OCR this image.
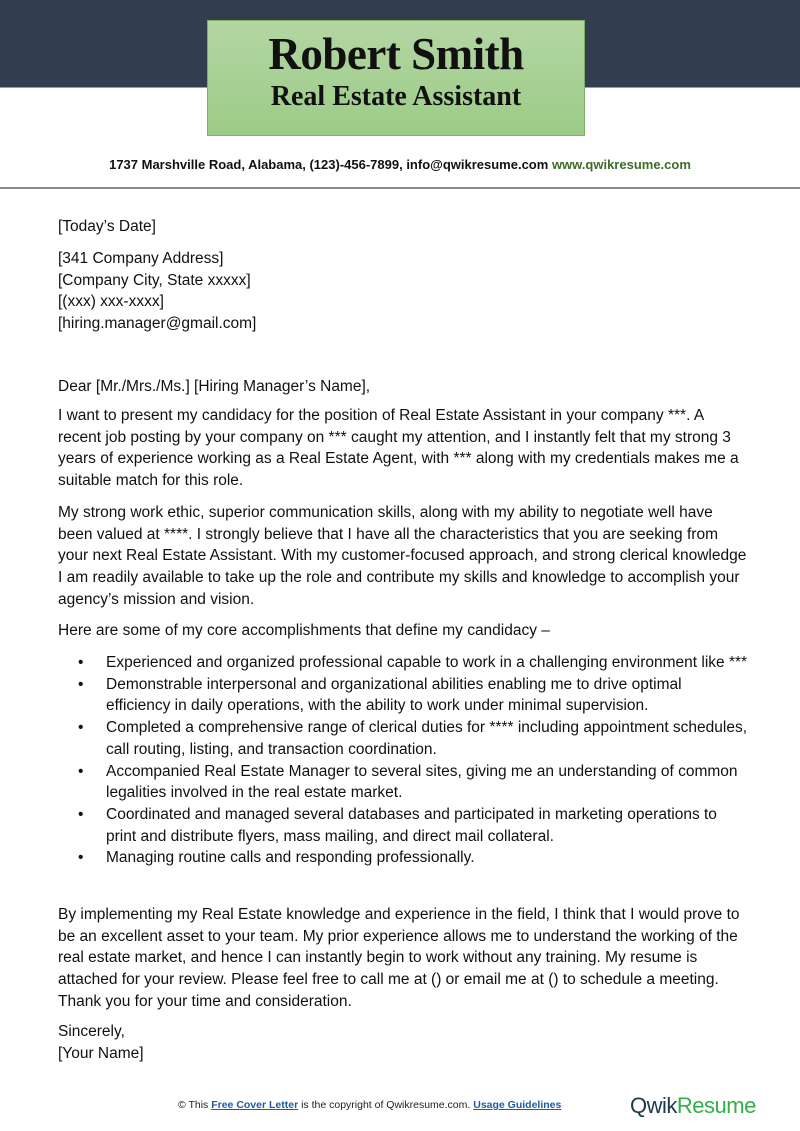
Robert Smith
Real Estate Assistant
1737 Marshville Road, Alabama, (123)-456-7899, info@qwikresume.com www.qwikresume.com
[Today’s Date]
[341 Company Address]
[Company City, State xxxxx]
[(xxx) xxx-xxxx]
[hiring.manager@gmail.com]
Dear [Mr./Mrs./Ms.] [Hiring Manager’s Name],
I want to present my candidacy for the position of Real Estate Assistant in your company ***. A recent job posting by your company on *** caught my attention, and I instantly felt that my strong 3 years of experience working as a Real Estate Agent, with *** along with my credentials makes me a suitable match for this role.
My strong work ethic, superior communication skills, along with my ability to negotiate well have been valued at ****. I strongly believe that I have all the characteristics that you are seeking from your next Real Estate Assistant. With my customer-focused approach, and strong clerical knowledge I am readily available to take up the role and contribute my skills and knowledge to accomplish your agency’s mission and vision.
Here are some of my core accomplishments that define my candidacy –
• Experienced and organized professional capable to work in a challenging environment like ***
• Demonstrable interpersonal and organizational abilities enabling me to drive optimal efficiency in daily operations, with the ability to work under minimal supervision.
• Completed a comprehensive range of clerical duties for **** including appointment schedules, call routing, listing, and transaction coordination.
• Accompanied Real Estate Manager to several sites, giving me an understanding of common legalities involved in the real estate market.
• Coordinated and managed several databases and participated in marketing operations to print and distribute flyers, mass mailing, and direct mail collateral.
• Managing routine calls and responding professionally.
By implementing my Real Estate knowledge and experience in the field, I think that I would prove to be an excellent asset to your team. My prior experience allows me to understand the working of the real estate market, and hence I can instantly begin to work without any training. My resume is attached for your review. Please feel free to call me at () or email me at () to schedule a meeting. Thank you for your time and consideration.
Sincerely,
[Your Name]
© This Free Cover Letter is the copyright of Qwikresume.com. Usage Guidelines	QwikResume
